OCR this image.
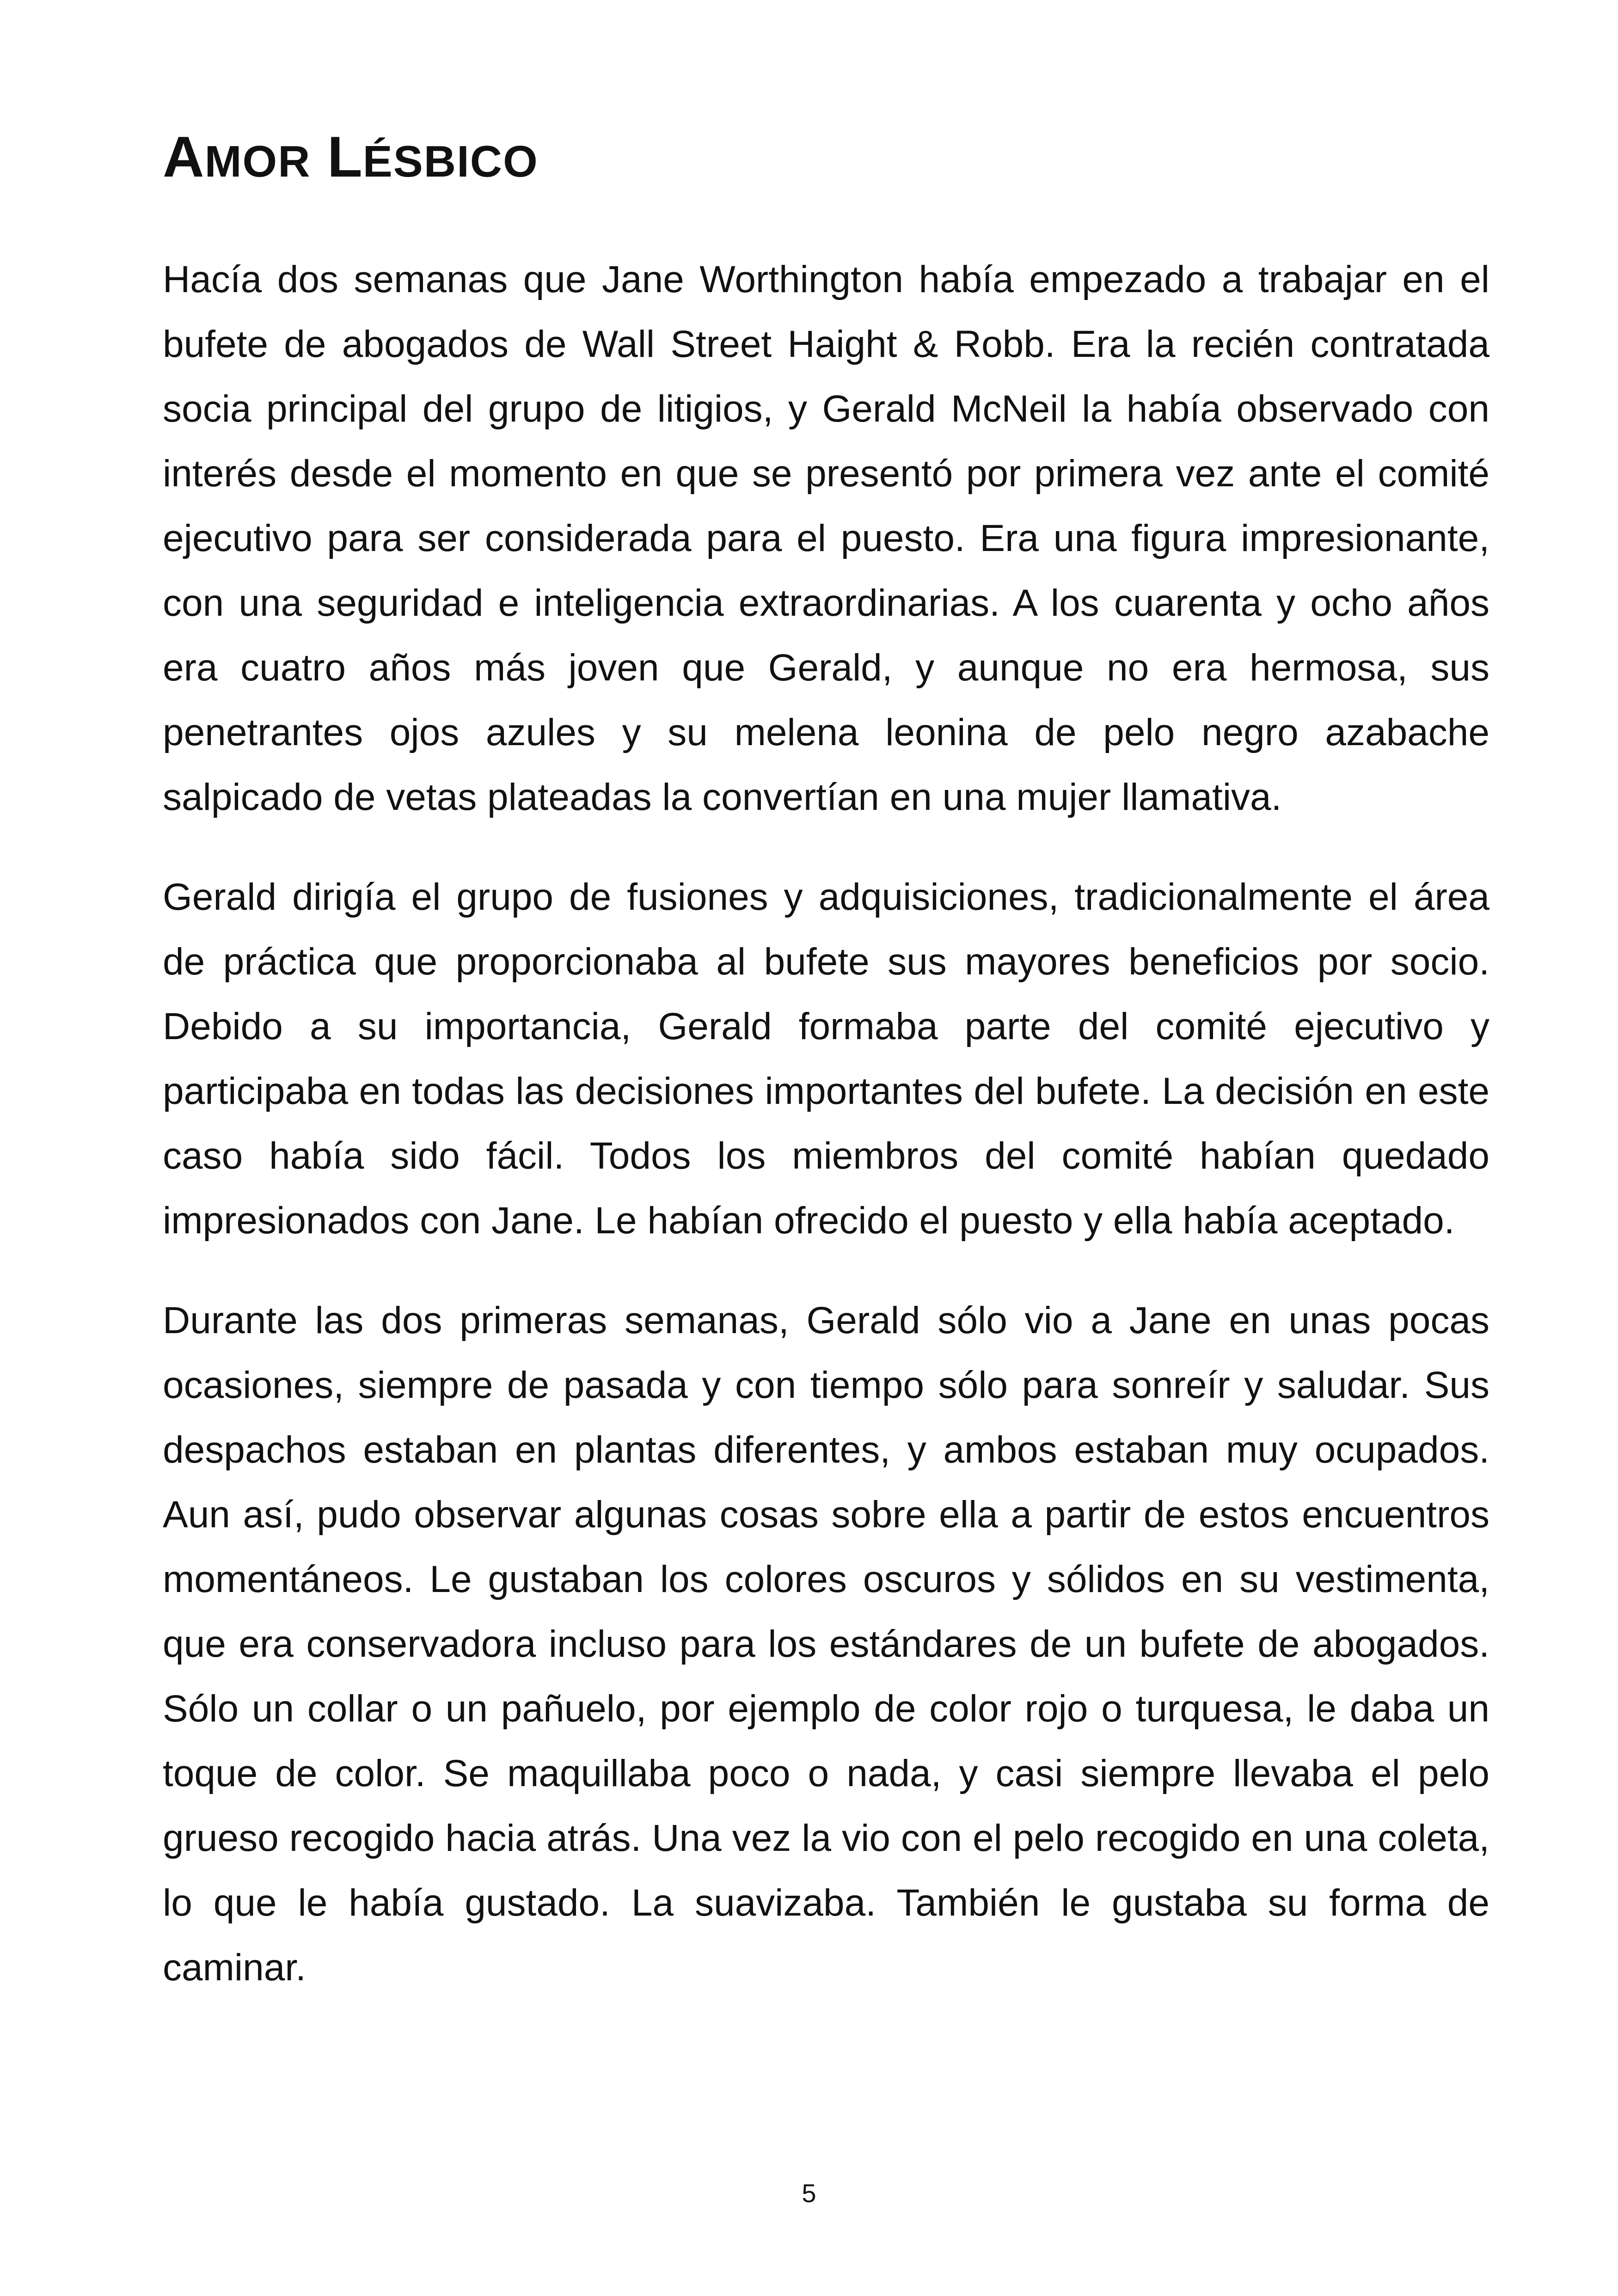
AMOR LÉSBICO

Hacía dos semanas que Jane Worthington había empezado a trabajar en el bufete de abogados de Wall Street Haight & Robb. Era la recién contratada socia principal del grupo de litigios, y Gerald McNeil la había observado con interés desde el momento en que se presentó por primera vez ante el comité ejecutivo para ser considerada para el puesto. Era una figura impresionante, con una seguridad e inteligencia extraordinarias. A los cuarenta y ocho años era cuatro años más joven que Gerald, y aunque no era hermosa, sus penetrantes ojos azules y su melena leonina de pelo negro azabache salpicado de vetas plateadas la convertían en una mujer llamativa.

Gerald dirigía el grupo de fusiones y adquisiciones, tradicionalmente el área de práctica que proporcionaba al bufete sus mayores beneficios por socio. Debido a su importancia, Gerald formaba parte del comité ejecutivo y participaba en todas las decisiones importantes del bufete. La decisión en este caso había sido fácil. Todos los miembros del comité habían quedado impresionados con Jane. Le habían ofrecido el puesto y ella había aceptado.

Durante las dos primeras semanas, Gerald sólo vio a Jane en unas pocas ocasiones, siempre de pasada y con tiempo sólo para sonreír y saludar. Sus despachos estaban en plantas diferentes, y ambos estaban muy ocupados. Aun así, pudo observar algunas cosas sobre ella a partir de estos encuentros momentáneos. Le gustaban los colores oscuros y sólidos en su vestimenta, que era conservadora incluso para los estándares de un bufete de abogados. Sólo un collar o un pañuelo, por ejemplo de color rojo o turquesa, le daba un toque de color. Se maquillaba poco o nada, y casi siempre llevaba el pelo grueso recogido hacia atrás. Una vez la vio con el pelo recogido en una coleta, lo que le había gustado. La suavizaba. También le gustaba su forma de caminar.

5
